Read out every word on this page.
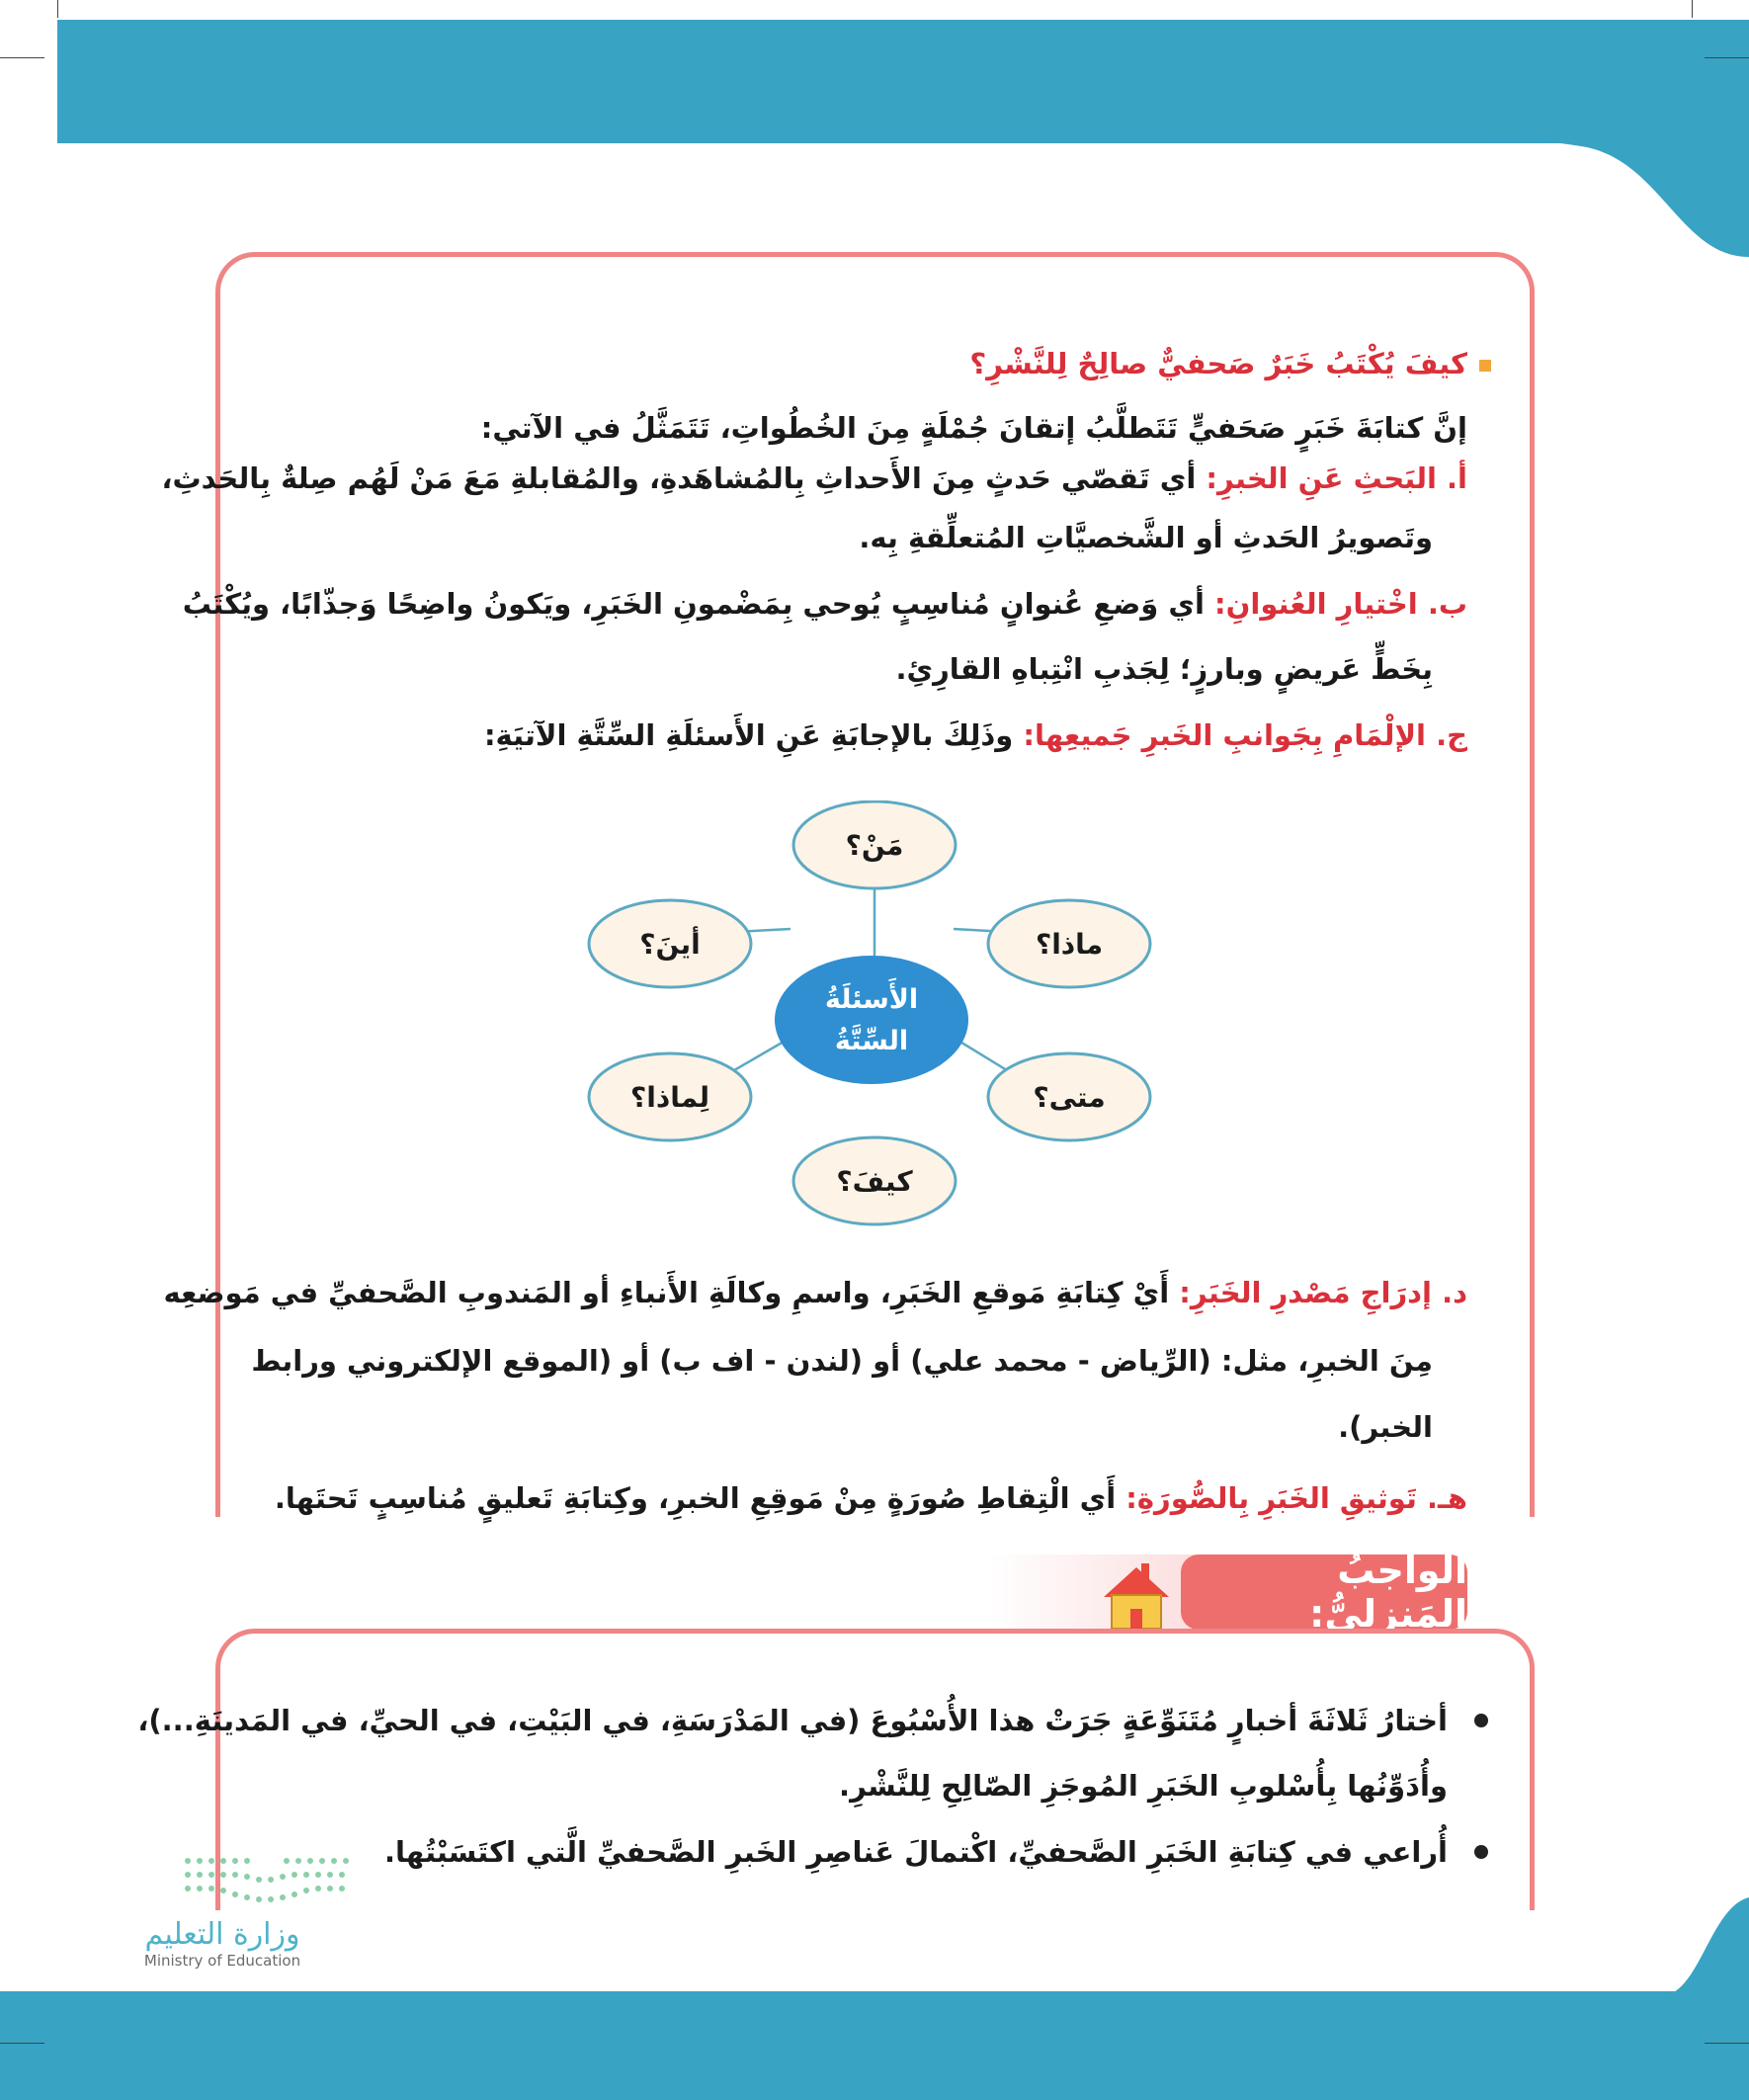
كيفَ يُكْتَبُ خَبَرٌ صَحفيٌّ صالِحٌ لِلنَّشْرِ؟
إنَّ كتابَةَ خَبَرٍ صَحَفيٍّ تَتَطلَّبُ إتقانَ جُمْلَةٍ مِنَ الخُطُواتِ، تَتَمَثَّلُ في الآتي:
أ. البَحثِ عَنِ الخبرِ: أي تَقصّي حَدثٍ مِنَ الأَحداثِ بِالمُشاهَدةِ، والمُقابلةِ مَعَ مَنْ لَهُم صِلةٌ بِالحَدثِ،
وتَصويرُ الحَدثِ أو الشَّخصيَّاتِ المُتعلِّقةِ بِه.
ب. اخْتيارِ العُنوانِ: أي وَضعِ عُنوانٍ مُناسِبٍ يُوحي بِمَضْمونِ الخَبَرِ، ويَكونُ واضِحًا وَجذّابًا، ويُكْتَبُ
بِخَطٍّ عَريضٍ وبارزٍ؛ لِجَذبِ انْتِباهِ القارِئِ.
ج. الإلْمَامِ بِجَوانبِ الخَبرِ جَميعِها: وذَلِكَ بالإجابَةِ عَنِ الأَسئلَةِ السِّتَّةِ الآتيَةِ:
مَنْ؟
ماذا؟
متى؟
كيفَ؟
لِماذا؟
أينَ؟
الأَسئلَةُ
السِّتَّةُ
د. إدرَاجِ مَصْدرِ الخَبَرِ: أَيْ كِتابَةِ مَوقعِ الخَبَرِ، واسمِ وكالَةِ الأَنباءِ أو المَندوبِ الصَّحفيِّ في مَوضعِه
مِنَ الخبرِ، مثل: (الرِّياض - محمد علي) أو (لندن - اف ب) أو (الموقع الإلكتروني ورابط
الخبر).
هـ. تَوثيقِ الخَبَرِ بِالصُّورَةِ: أَي الْتِقاطِ صُورَةٍ مِنْ مَوقِعِ الخبرِ، وكِتابَةِ تَعليقٍ مُناسِبٍ تَحتَها.
الواجبُ المَنزليُّ:
أختارُ ثَلاثَةَ أخبارٍ مُتَنَوِّعَةٍ جَرَتْ هذا الأُسْبُوعَ (في المَدْرَسَةِ، في البَيْتِ، في الحيِّ، في المَدينَةِ...)،
وأُدَوِّنُها بِأُسْلوبِ الخَبَرِ المُوجَزِ الصّالِحِ لِلنَّشْرِ.
أُراعي في كِتابَةِ الخَبَرِ الصَّحفيِّ، اكْتمالَ عَناصِرِ الخَبرِ الصَّحفيِّ الَّتي اكتَسَبْتُها.
١١٤
وزارة التعليم
Ministry of Education
